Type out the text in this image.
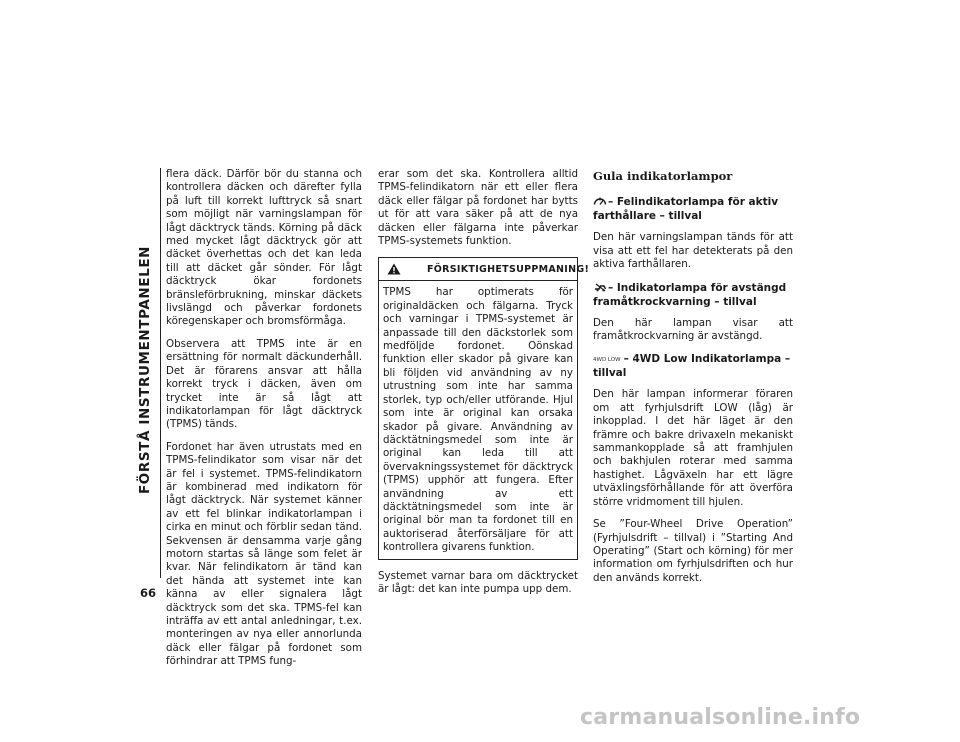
FÖRSTÅ INSTRUMENTPANELEN
66

flera däck. Därför bör du stanna och kontrollera däcken och därefter fylla på luft till korrekt lufttryck så snart som möjligt när varningslampan för lågt däcktryck tänds. Körning på däck med mycket lågt däcktryck gör att däcket överhettas och det kan leda till att däcket går sönder. För lågt däcktryck ökar fordonets bränsleförbrukning, minskar däckets livslängd och påverkar fordonets köregenskaper och bromsförmåga.

Observera att TPMS inte är en ersättning för normalt däckunderhåll. Det är förarens ansvar att hålla korrekt tryck i däcken, även om trycket inte är så lågt att indikatorlampan för lågt däcktryck (TPMS) tänds.

Fordonet har även utrustats med en TPMS-felindikator som visar när det är fel i systemet. TPMS-felindikatorn är kombinerad med indikatorn för lågt däcktryck. När systemet känner av ett fel blinkar indikatorlampan i cirka en minut och förblir sedan tänd. Sekvensen är densamma varje gång motorn startas så länge som felet är kvar. När felindikatorn är tänd kan det hända att systemet inte kan känna av eller signalera lågt däcktryck som det ska. TPMS-fel kan inträffa av ett antal anledningar, t.ex. monteringen av nya eller annorlunda däck eller fälgar på fordonet som förhindrar att TPMS fung-

erar som det ska. Kontrollera alltid TPMS-felindikatorn när ett eller flera däck eller fälgar på fordonet har bytts ut för att vara säker på att de nya däcken eller fälgarna inte påverkar TPMS-systemets funktion.

FÖRSIKTIGHETSUPPMANING!

TPMS har optimerats för originaldäcken och fälgarna. Tryck och varningar i TPMS-systemet är anpassade till den däckstorlek som medföljde fordonet. Oönskad funktion eller skador på givare kan bli följden vid användning av ny utrustning som inte har samma storlek, typ och/eller utförande. Hjul som inte är original kan orsaka skador på givare. Användning av däcktätningsmedel som inte är original kan leda till att övervakningssystemet för däcktryck (TPMS) upphör att fungera. Efter användning av ett däcktätningsmedel som inte är original bör man ta fordonet till en auktoriserad återförsäljare för att kontrollera givarens funktion.

Systemet varnar bara om däcktrycket är lågt: det kan inte pumpa upp dem.

Gula indikatorlampor
– Felindikatorlampa för aktiv farthållare – tillval

Den här varningslampan tänds för att visa att ett fel har detekterats på den aktiva farthållaren.

– Indikatorlampa för avstängd framåtkrockvarning – tillval

Den här lampan visar att framåtkrockvarning är avstängd.

4WD LOW – 4WD Low Indikatorlampa – tillval

Den här lampan informerar föraren om att fyrhjulsdrift LOW (låg) är inkopplad. I det här läget är den främre och bakre drivaxeln mekaniskt sammankopplade så att framhjulen och bakhjulen roterar med samma hastighet. Lågväxeln har ett lägre utväxlingsförhållande för att överföra större vridmoment till hjulen.

Se ”Four-Wheel Drive Operation” (Fyrhjulsdrift – tillval) i ”Starting And Operating” (Start och körning) för mer information om fyrhjulsdriften och hur den används korrekt.

carmanualsonline.info
